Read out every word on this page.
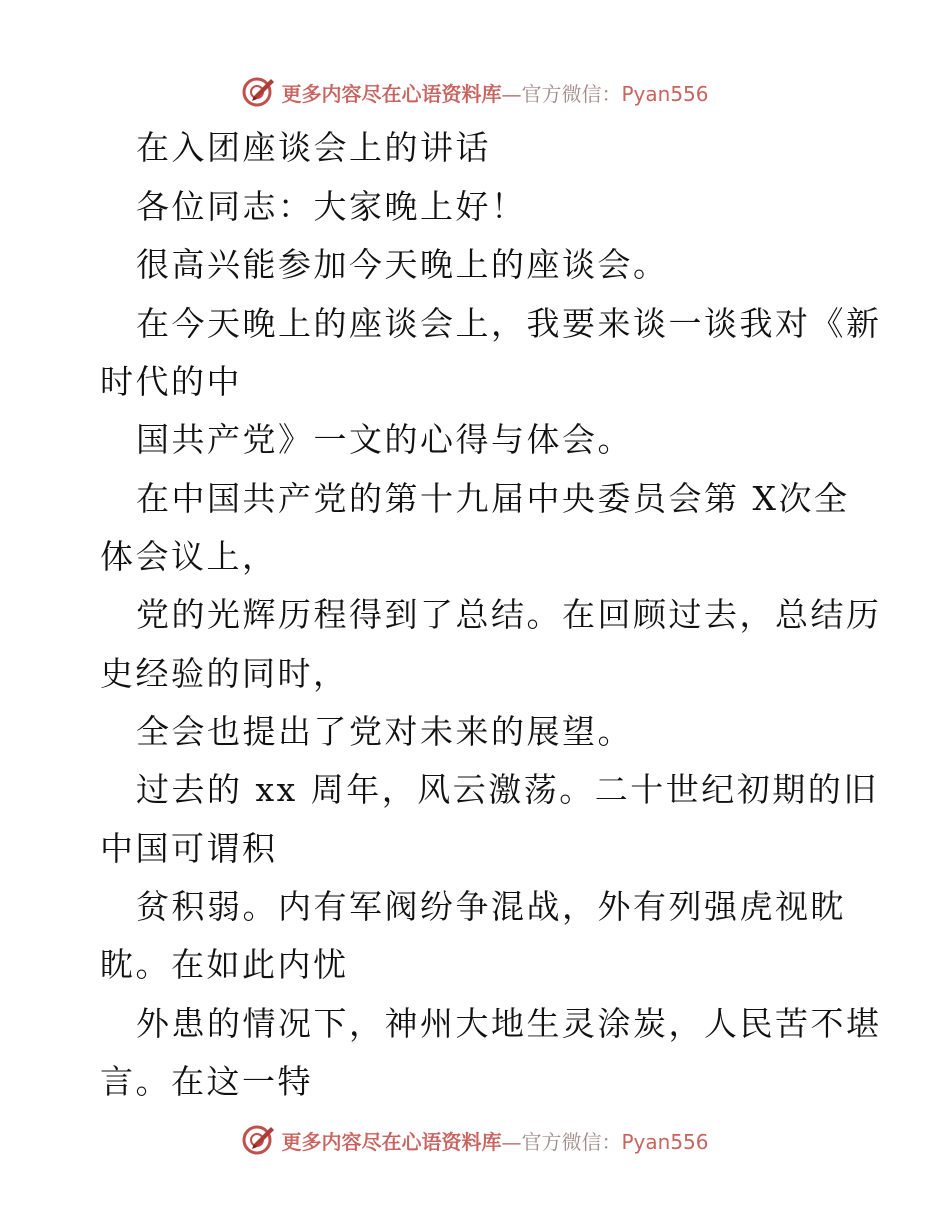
更多内容尽在心语资料库—官方微信：Pyan556
在入团座谈会上的讲话
各位同志：大家晚上好！
很高兴能参加今天晚上的座谈会。
在今天晚上的座谈会上，我要来谈一谈我对《新
时代的中
国共产党》一文的心得与体会。
在中国共产党的第十九届中央委员会第 X次全
体会议上，
党的光辉历程得到了总结。在回顾过去，总结历
史经验的同时，
全会也提出了党对未来的展望。
过去的 xx 周年，风云激荡。二十世纪初期的旧
中国可谓积
贫积弱。内有军阀纷争混战，外有列强虎视眈
眈。在如此内忧
外患的情况下，神州大地生灵涂炭，人民苦不堪
言。在这一特
更多内容尽在心语资料库—官方微信：Pyan556
